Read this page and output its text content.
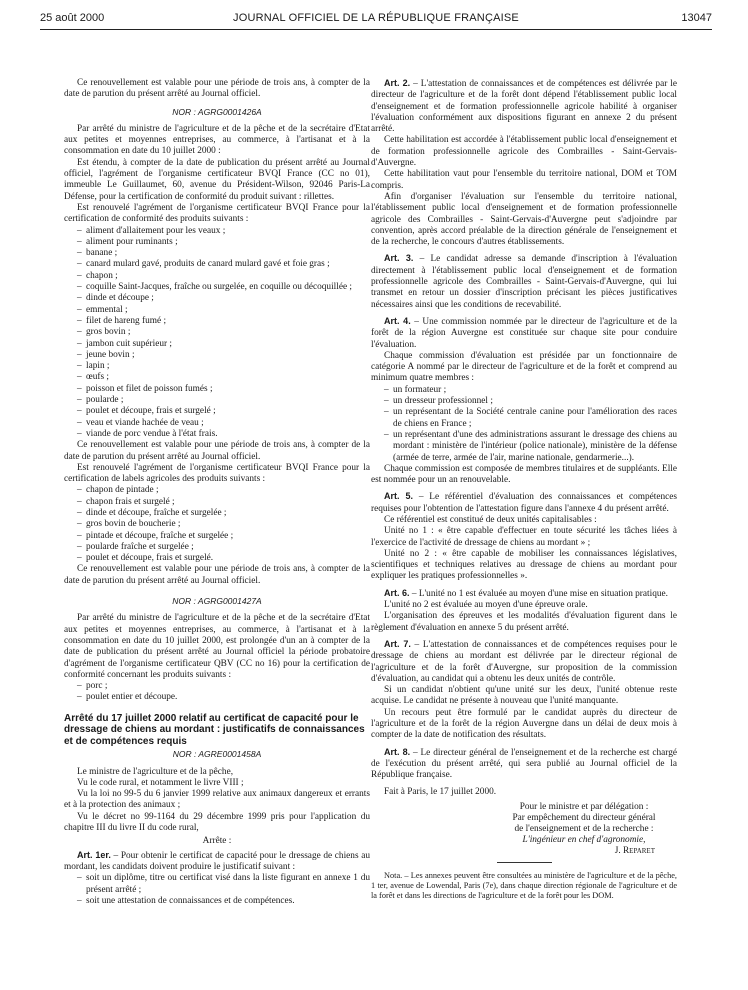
25 août 2000	JOURNAL OFFICIEL DE LA RÉPUBLIQUE FRANÇAISE	13047

Ce renouvellement est valable pour une période de trois ans, à compter de la date de parution du présent arrêté au Journal officiel.

NOR : AGRG0001426A

Par arrêté du ministre de l'agriculture et de la pêche et de la secrétaire d'Etat aux petites et moyennes entreprises, au commerce, à l'artisanat et à la consommation en date du 10 juillet 2000 :

Est étendu, à compter de la date de publication du présent arrêté au Journal officiel, l'agrément de l'organisme certificateur BVQI France (CC no 01), immeuble Le Guillaumet, 60, avenue du Président-Wilson, 92046 Paris-La Défense, pour la certification de conformité du produit suivant : rillettes.

Est renouvelé l'agrément de l'organisme certificateur BVQI France pour la certification de conformité des produits suivants :

– aliment d'allaitement pour les veaux ;
– aliment pour ruminants ;
– banane ;
– canard mulard gavé, produits de canard mulard gavé et foie gras ;
– chapon ;
– coquille Saint-Jacques, fraîche ou surgelée, en coquille ou décoquillée ;
– dinde et découpe ;
– emmental ;
– filet de hareng fumé ;
– gros bovin ;
– jambon cuit supérieur ;
– jeune bovin ;
– lapin ;
– œufs ;
– poisson et filet de poisson fumés ;
– poularde ;
– poulet et découpe, frais et surgelé ;
– veau et viande hachée de veau ;
– viande de porc vendue à l'état frais.

Ce renouvellement est valable pour une période de trois ans, à compter de la date de parution du présent arrêté au Journal officiel.

Est renouvelé l'agrément de l'organisme certificateur BVQI France pour la certification de labels agricoles des produits suivants :

– chapon de pintade ;
– chapon frais et surgelé ;
– dinde et découpe, fraîche et surgelée ;
– gros bovin de boucherie ;
– pintade et découpe, fraîche et surgelée ;
– poularde fraîche et surgelée ;
– poulet et découpe, frais et surgelé.

Ce renouvellement est valable pour une période de trois ans, à compter de la date de parution du présent arrêté au Journal officiel.

NOR : AGRG0001427A

Par arrêté du ministre de l'agriculture et de la pêche et de la secrétaire d'Etat aux petites et moyennes entreprises, au commerce, à l'artisanat et à la consommation en date du 10 juillet 2000, est prolongée d'un an à compter de la date de publication du présent arrêté au Journal officiel la période probatoire d'agrément de l'organisme certificateur QBV (CC no 16) pour la certification de conformité concernant les produits suivants :

– porc ;
– poulet entier et découpe.
Arrêté du 17 juillet 2000 relatif au certificat de capacité pour le dressage de chiens au mordant : justificatifs de connaissances et de compétences requis

NOR : AGRE0001458A

Le ministre de l'agriculture et de la pêche,

Vu le code rural, et notamment le livre VIII ;

Vu la loi no 99-5 du 6 janvier 1999 relative aux animaux dangereux et errants et à la protection des animaux ;

Vu le décret no 99-1164 du 29 décembre 1999 pris pour l'application du chapitre III du livre II du code rural,

Arrête :

Art. 1er. – Pour obtenir le certificat de capacité pour le dressage de chiens au mordant, les candidats doivent produire le justificatif suivant :

– soit un diplôme, titre ou certificat visé dans la liste figurant en annexe 1 du présent arrêté ;
– soit une attestation de connaissances et de compétences.

Art. 2. – L'attestation de connaissances et de compétences est délivrée par le directeur de l'agriculture et de la forêt dont dépend l'établissement public local d'enseignement et de formation professionnelle agricole habilité à organiser l'évaluation conformément aux dispositions figurant en annexe 2 du présent arrêté.

Cette habilitation est accordée à l'établissement public local d'enseignement et de formation professionnelle agricole des Combrailles - Saint-Gervais-d'Auvergne.

Cette habilitation vaut pour l'ensemble du territoire national, DOM et TOM compris.

Afin d'organiser l'évaluation sur l'ensemble du territoire national, l'établissement public local d'enseignement et de formation professionnelle agricole des Combrailles - Saint-Gervais-d'Auvergne peut s'adjoindre par convention, après accord préalable de la direction générale de l'enseignement et de la recherche, le concours d'autres établissements.

Art. 3. – Le candidat adresse sa demande d'inscription à l'évaluation directement à l'établissement public local d'enseignement et de formation professionnelle agricole des Combrailles - Saint-Gervais-d'Auvergne, qui lui transmet en retour un dossier d'inscription précisant les pièces justificatives nécessaires ainsi que les conditions de recevabilité.

Art. 4. – Une commission nommée par le directeur de l'agriculture et de la forêt de la région Auvergne est constituée sur chaque site pour conduire l'évaluation.

Chaque commission d'évaluation est présidée par un fonctionnaire de catégorie A nommé par le directeur de l'agriculture et de la forêt et comprend au minimum quatre membres :

– un formateur ;
– un dresseur professionnel ;
– un représentant de la Société centrale canine pour l'amélioration des races de chiens en France ;
– un représentant d'une des administrations assurant le dressage des chiens au mordant : ministère de l'intérieur (police nationale), ministère de la défense (armée de terre, armée de l'air, marine nationale, gendarmerie...).

Chaque commission est composée de membres titulaires et de suppléants. Elle est nommée pour un an renouvelable.

Art. 5. – Le référentiel d'évaluation des connaissances et compétences requises pour l'obtention de l'attestation figure dans l'annexe 4 du présent arrêté.

Ce référentiel est constitué de deux unités capitalisables :

Unité no 1 : « être capable d'effectuer en toute sécurité les tâches liées à l'exercice de l'activité de dressage de chiens au mordant » ;

Unité no 2 : « être capable de mobiliser les connaissances législatives, scientifiques et techniques relatives au dressage de chiens au mordant pour expliquer les pratiques professionnelles ».

Art. 6. – L'unité no 1 est évaluée au moyen d'une mise en situation pratique.

L'unité no 2 est évaluée au moyen d'une épreuve orale.

L'organisation des épreuves et les modalités d'évaluation figurent dans le règlement d'évaluation en annexe 5 du présent arrêté.

Art. 7. – L'attestation de connaissances et de compétences requises pour le dressage de chiens au mordant est délivrée par le directeur régional de l'agriculture et de la forêt d'Auvergne, sur proposition de la commission d'évaluation, au candidat qui a obtenu les deux unités de contrôle.

Si un candidat n'obtient qu'une unité sur les deux, l'unité obtenue reste acquise. Le candidat ne présente à nouveau que l'unité manquante.

Un recours peut être formulé par le candidat auprès du directeur de l'agriculture et de la forêt de la région Auvergne dans un délai de deux mois à compter de la date de notification des résultats.

Art. 8. – Le directeur général de l'enseignement et de la recherche est chargé de l'exécution du présent arrêté, qui sera publié au Journal officiel de la République française.

Fait à Paris, le 17 juillet 2000.

Pour le ministre et par délégation :
Par empêchement du directeur général
de l'enseignement et de la recherche :
L'ingénieur en chef d'agronomie,
J. Reparet

Nota. – Les annexes peuvent être consultées au ministère de l'agriculture et de la pêche, 1 ter, avenue de Lowendal, Paris (7e), dans chaque direction régionale de l'agriculture et de la forêt et dans les directions de l'agriculture et de la forêt pour les DOM.
